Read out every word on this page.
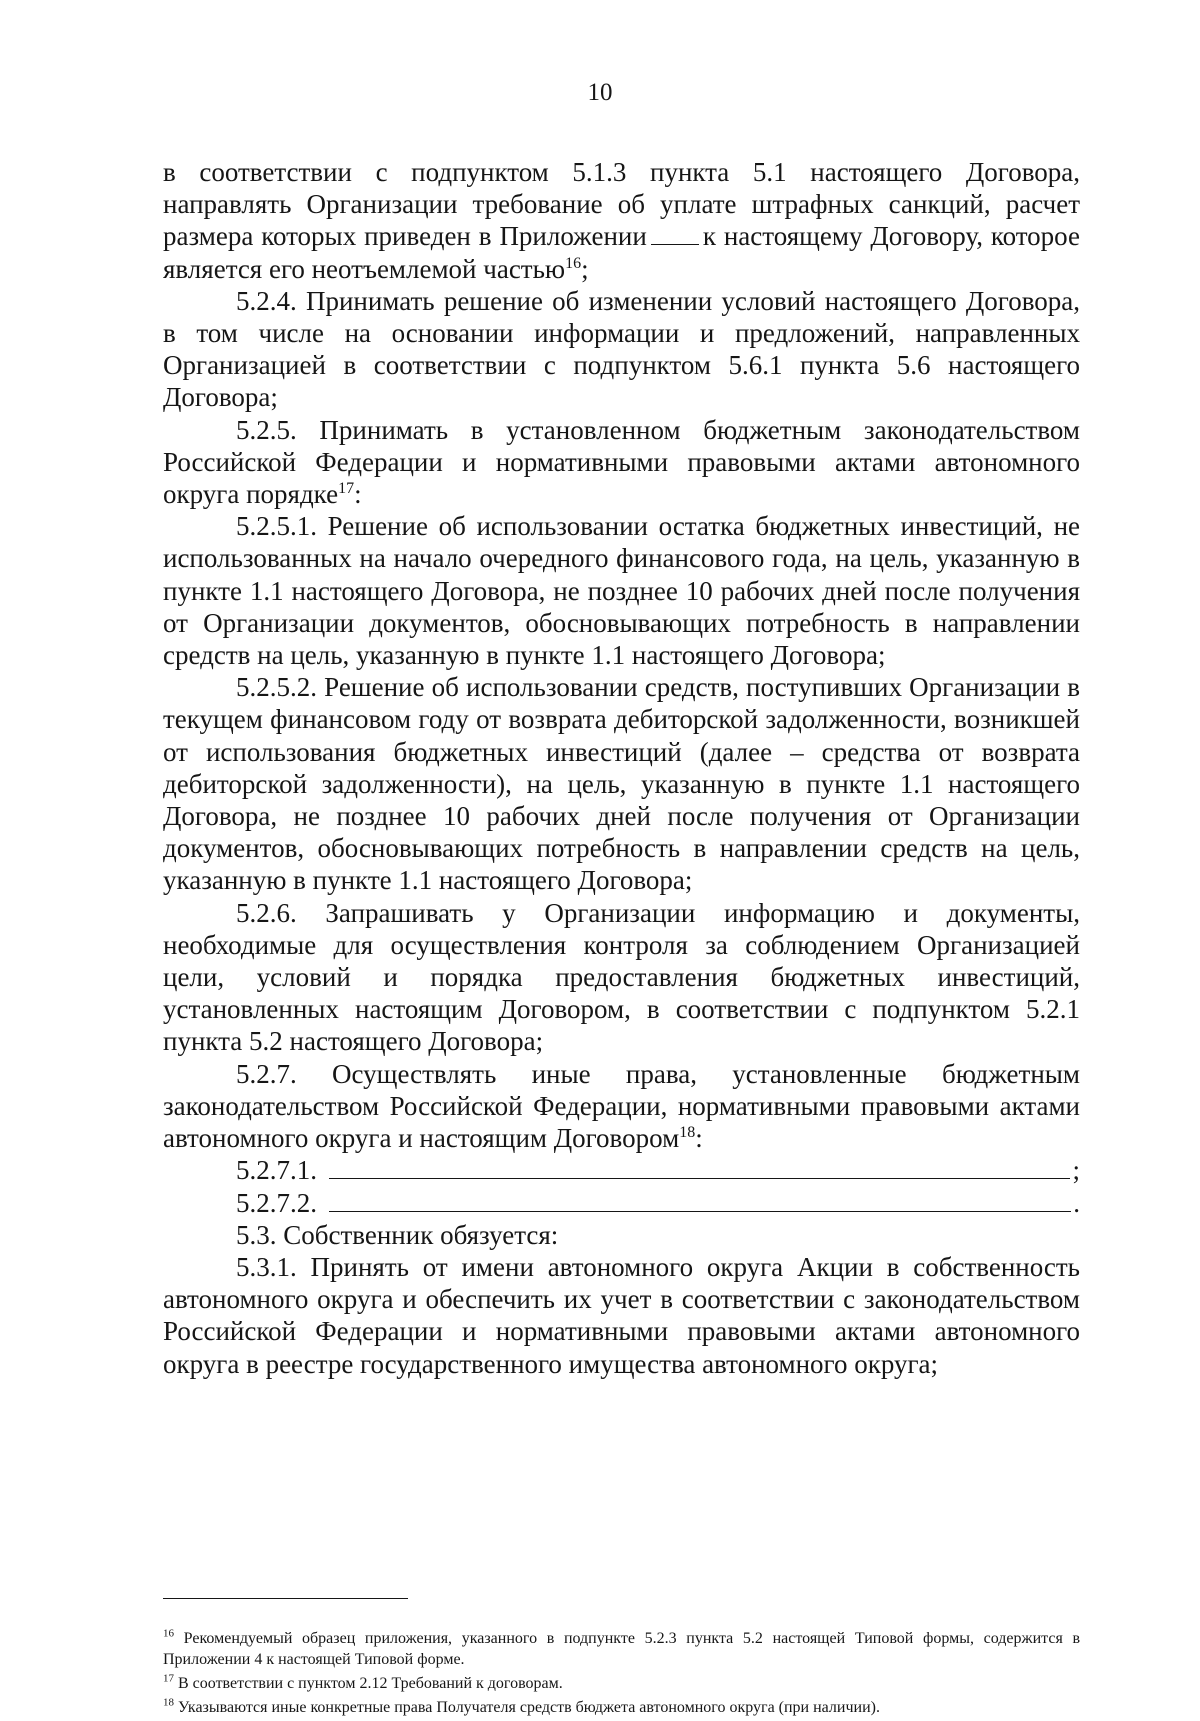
10

в соответствии с подпунктом 5.1.3 пункта 5.1 настоящего Договора, направлять Организации требование об уплате штрафных санкций, расчет размера которых приведен в Приложении к настоящему Договору, которое является его неотъемлемой частью$^{16}$;

5.2.4. Принимать решение об изменении условий настоящего Договора, в том числе на основании информации и предложений, направленных Организацией в соответствии с подпунктом 5.6.1 пункта 5.6 настоящего Договора;

5.2.5. Принимать в установленном бюджетным законодательством Российской Федерации и нормативными правовыми актами автономного округа порядке$^{17}$:

5.2.5.1. Решение об использовании остатка бюджетных инвестиций, не использованных на начало очередного финансового года, на цель, указанную в пункте 1.1 настоящего Договора, не позднее 10 рабочих дней после получения от Организации документов, обосновывающих потребность в направлении средств на цель, указанную в пункте 1.1 настоящего Договора;

5.2.5.2. Решение об использовании средств, поступивших Организации в текущем финансовом году от возврата дебиторской задолженности, возникшей от использования бюджетных инвестиций (далее – средства от возврата дебиторской задолженности), на цель, указанную в пункте 1.1 настоящего Договора, не позднее 10 рабочих дней после получения от Организации документов, обосновывающих потребность в направлении средств на цель, указанную в пункте 1.1 настоящего Договора;

5.2.6. Запрашивать у Организации информацию и документы, необходимые для осуществления контроля за соблюдением Организацией цели, условий и порядка предоставления бюджетных инвестиций, установленных настоящим Договором, в соответствии с подпунктом 5.2.1 пункта 5.2 настоящего Договора;

5.2.7. Осуществлять иные права, установленные бюджетным законодательством Российской Федерации, нормативными правовыми актами автономного округа и настоящим Договором$^{18}$:

5.2.7.1.	;
5.2.7.2.	.

5.3. Собственник обязуется:

5.3.1. Принять от имени автономного округа Акции в собственность автономного округа и обеспечить их учет в соответствии с законодательством Российской Федерации и нормативными правовыми актами автономного округа в реестре государственного имущества автономного округа;

$^{16}$ Рекомендуемый образец приложения, указанного в подпункте 5.2.3 пункта 5.2 настоящей Типовой формы, содержится в Приложении 4 к настоящей Типовой форме.

$^{17}$ В соответствии с пунктом 2.12 Требований к договорам.

$^{18}$ Указываются иные конкретные права Получателя средств бюджета автономного округа (при наличии).
